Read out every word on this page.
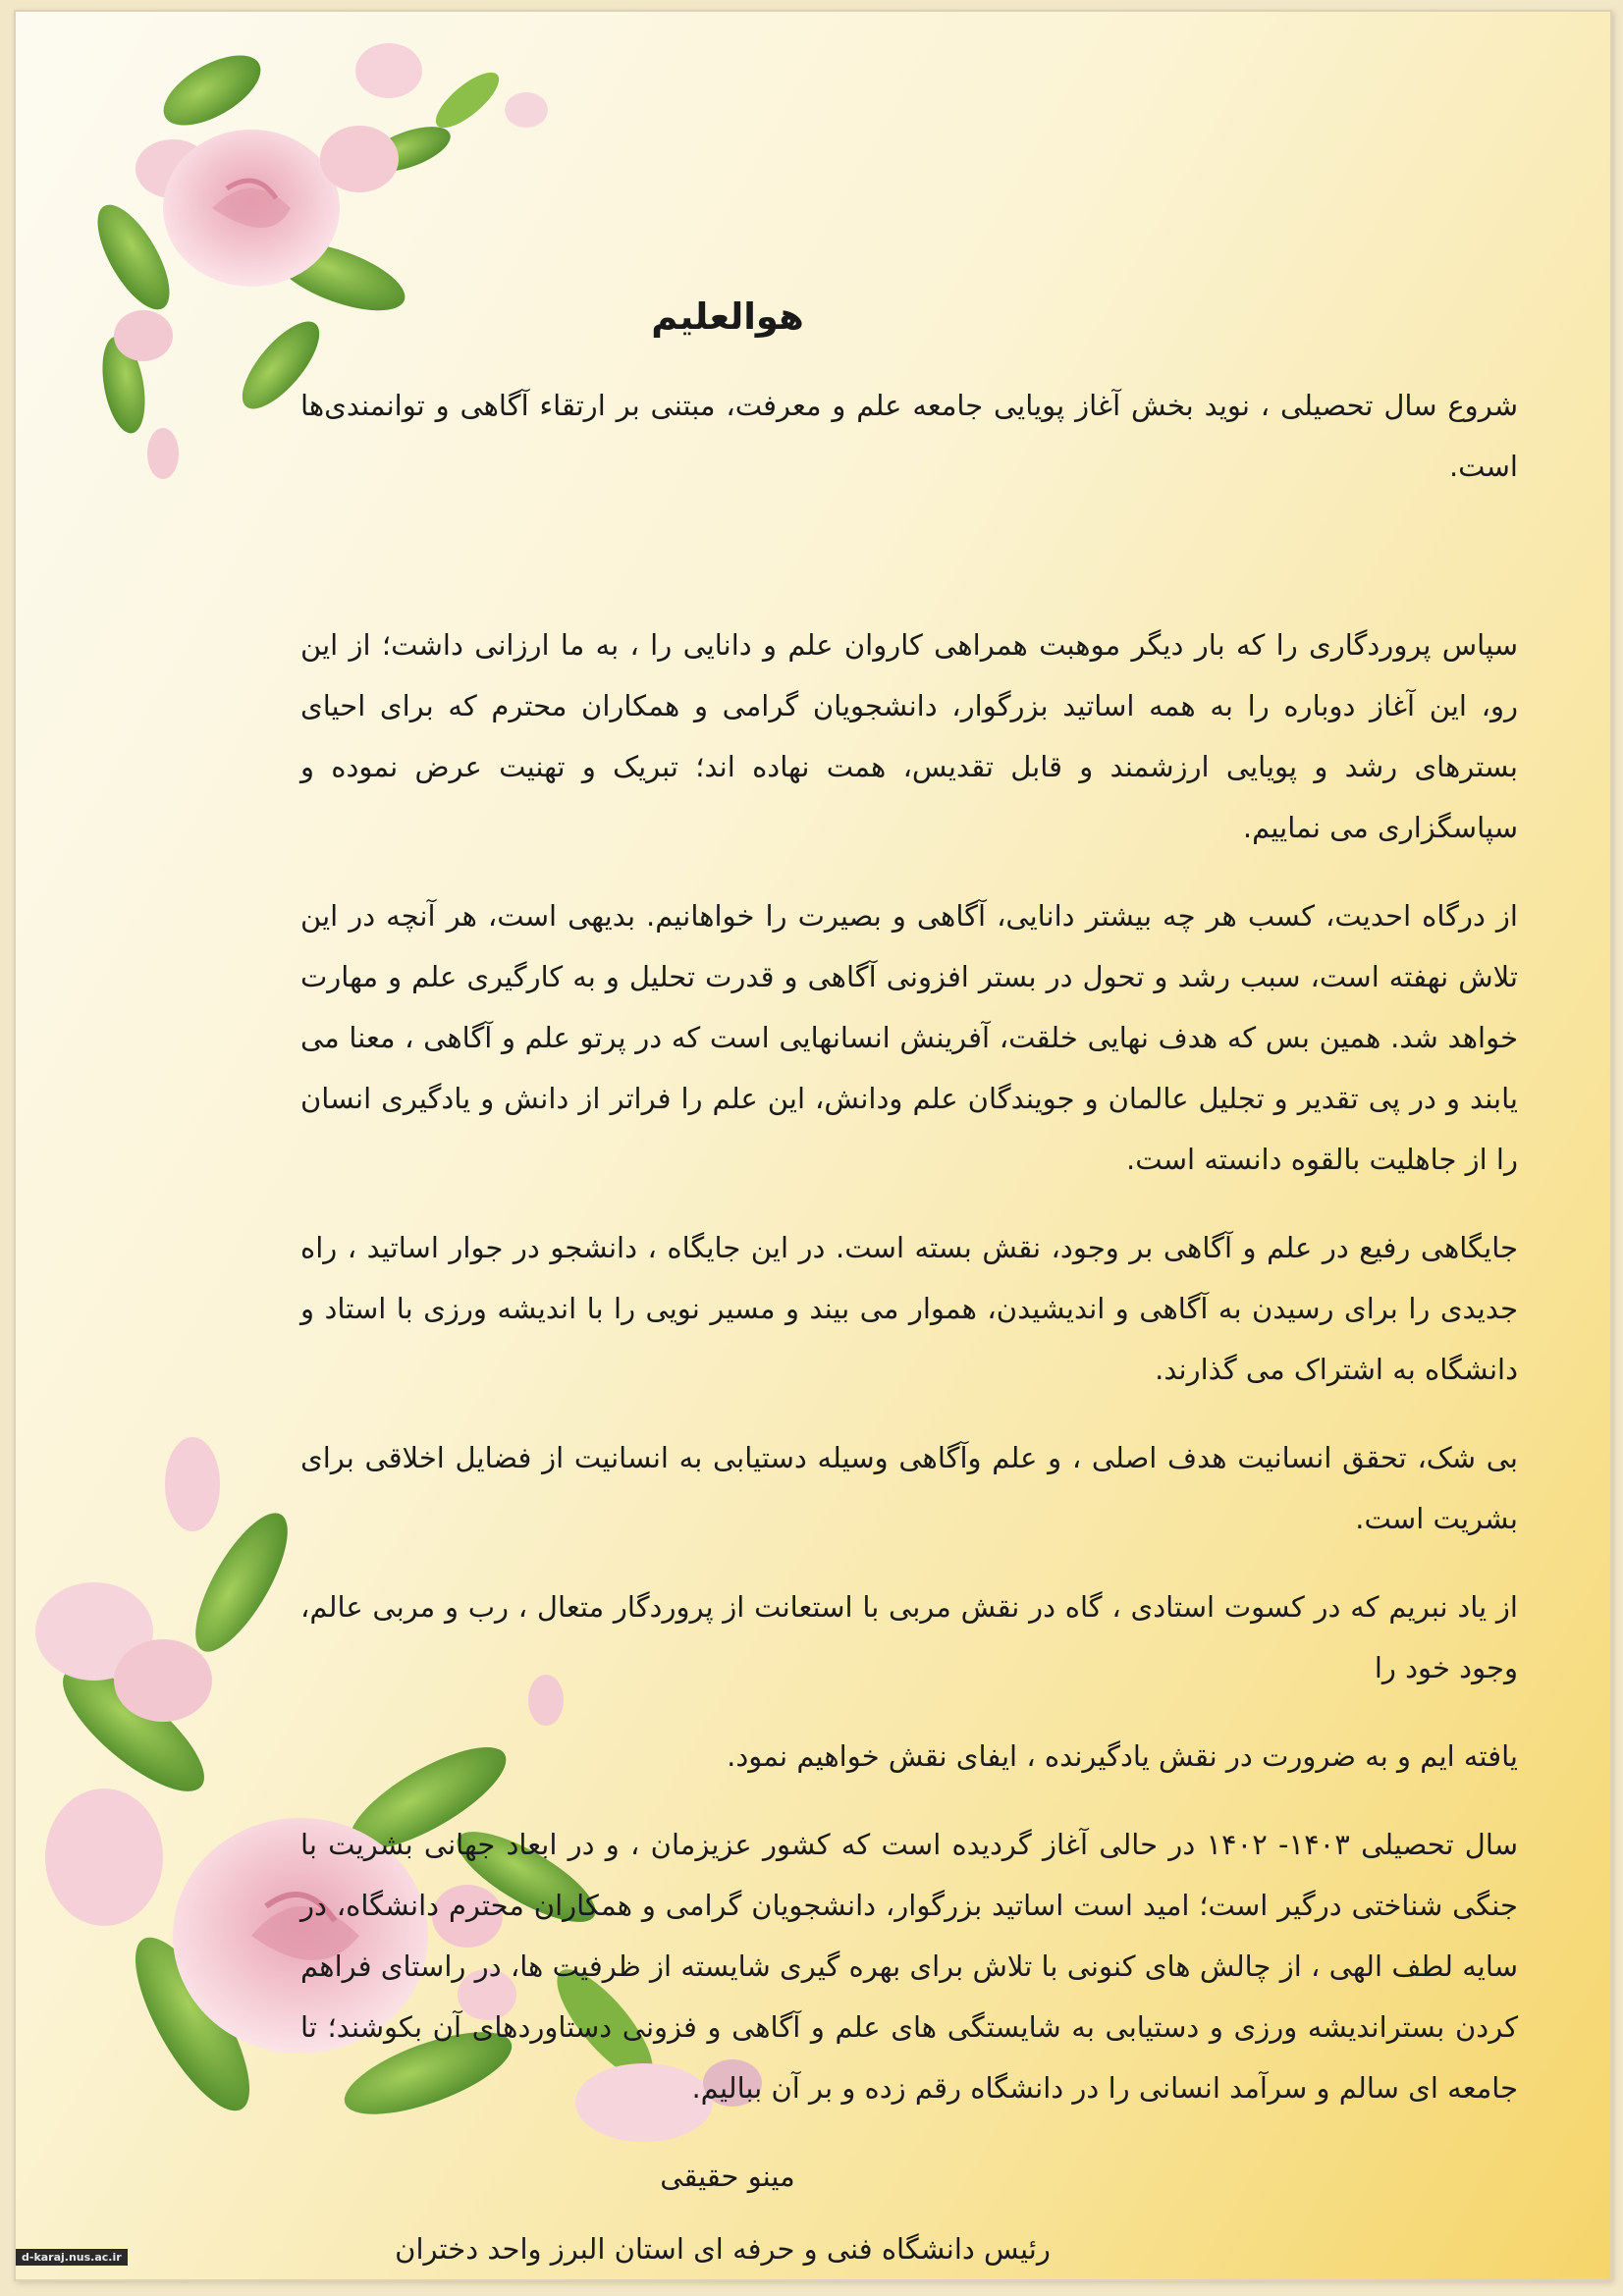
هوالعلیم

شروع سال تحصیلی ، نوید بخش آغاز پویایی جامعه علم و معرفت، مبتنی بر ارتقاء آگاهی و توانمندی‌ها است.

سپاس پروردگاری را که بار دیگر موهبت همراهی کاروان علم و دانایی را ، به ما ارزانی داشت؛ از این رو، این آغاز دوباره را به همه اساتید بزرگوار، دانشجویان گرامی و همکاران محترم که برای احیای بسترهای رشد و پویایی ارزشمند و قابل تقدیس، همت نهاده اند؛ تبریک و تهنیت عرض نموده و سپاسگزاری می نماییم.

از درگاه احدیت، کسب هر چه بیشتر دانایی، آگاهی و بصیرت را خواهانیم. بدیهی است، هر آنچه در این تلاش نهفته است، سبب رشد و تحول در بستر افزونی آگاهی و قدرت تحلیل و به کارگیری علم و مهارت خواهد شد. همین بس که هدف نهایی خلقت، آفرینش انسانهایی است که در پرتو علم و آگاهی ، معنا می یابند و در پی تقدیر و تجلیل عالمان و جویندگان علم ودانش، این علم را فراتر از دانش و یادگیری انسان را از جاهلیت بالقوه دانسته است.

جایگاهی رفیع در علم و آگاهی بر وجود، نقش بسته است. در این جایگاه ، دانشجو در جوار اساتید ، راه جدیدی را برای رسیدن به آگاهی و اندیشیدن، هموار می بیند و مسیر نویی را با اندیشه ورزی با استاد و دانشگاه به اشتراک می گذارند.

بی شک، تحقق انسانیت هدف اصلی ، و علم وآگاهی وسیله دستیابی به انسانیت از فضایل اخلاقی برای بشریت است.

از یاد نبریم که در کسوت استادی ، گاه در نقش مربی با استعانت از پروردگار متعال ، رب و مربی عالم، وجود خود را

یافته ایم و به ضرورت در نقش یادگیرنده ، ایفای نقش خواهیم نمود.

سال تحصیلی ۱۴۰۳- ۱۴۰۲ در حالی آغاز گردیده است که کشور عزیزمان ، و در ابعاد جهانی بشریت با جنگی شناختی درگیر است؛ امید است اساتید بزرگوار، دانشجویان گرامی و همکاران محترم دانشگاه، در سایه لطف الهی ، از چالش های کنونی با تلاش برای بهره گیری شایسته از ظرفیت ها، در راستای فراهم کردن بستراندیشه ورزی و دستیابی به شایستگی های علم و آگاهی و فزونی دستاوردهای آن بکوشند؛ تا جامعه ای سالم و سرآمد انسانی را در دانشگاه رقم زده و بر آن ببالیم.

مینو حقیقی

رئیس دانشگاه فنی و حرفه ای استان البرز واحد دختران

d-karaj.nus.ac.ir
